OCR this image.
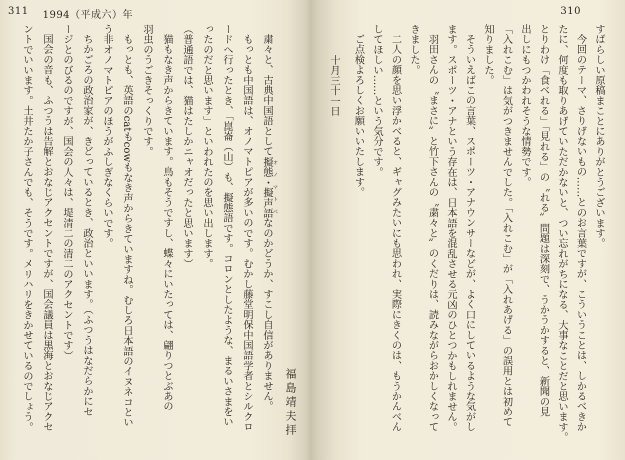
310
すばらしい原稿まことにありがとうございます。
今回のテーマ、さりげないもの……とのお言葉ですが、こういうことは、しかるべきか
たに、何度も取りあげていただかないと、つい忘れがちになる、大事なことだと思います。
とりわけ「食べれる」「見れる」の〝れる〟問題は深刻で、うかうかすると、新聞の見
出しにもつかわれそうな情勢です。
「入れこむ」は気がつきませんでした。「入れこむ」が「入れあげる」の誤用とは初めて
知りました。
そういえばこの言葉、スポーツ・アナウンサーなどが、よく口にしているような気がし
ます。スポーツ・アナという存在は、日本語を混乱させる元凶のひとつかもしれません。
羽田さんの〝まさに〟と竹下さんの〝粛々と〟のくだりは、読みながらおかしくなって
きました。
二人の顔を思い浮かべると、ギャグみたいにも思われ、実際にきくのは、もうかんべん
してほしい……という気分です。
ご点検よろしくお願いいたします。
十月三十一日
311 1994（平成六）年
福島靖夫拝
粛々と、古典中国語として擬態・擬声語 オノマトペなのかどうか、すこし自信がありません。
もっとも中国語は、オノマトピアが多いのです。むかし藤堂明保中国語学者とシルクロ
ードへ行ったとき、「崑崙（山）も、擬態語です。コロンとしたような、まるいさまをい
ったのだと思います」といわれたのを思い出します。
（普通語では、猫はたしかニャオだったと思います）
猫もなき声からきています。鳥もそうですし、蝶々にいたっては、翩りつとぶあの
羽虫のうごきそっくりです。
もっとも、英語のcatもcowもなき声からきていますね。むしろ日本語のイヌネコとい
う非オノマトピアのほうがふしぎなくらいです。
ちかごろの政治家が、きどっているとき、政治といいます。（ふつうはなだらかにセ
ージとのびるのですが、国会の人々は、堤清二の清二のアクセントです）
国会の音も、ふつうは告解とおなじアクセントですが、国会議員は黒海とおなじアクセ
ントでいいます。土井たか子さんでも、そうです。メリハリをきかせているのでしょう。
